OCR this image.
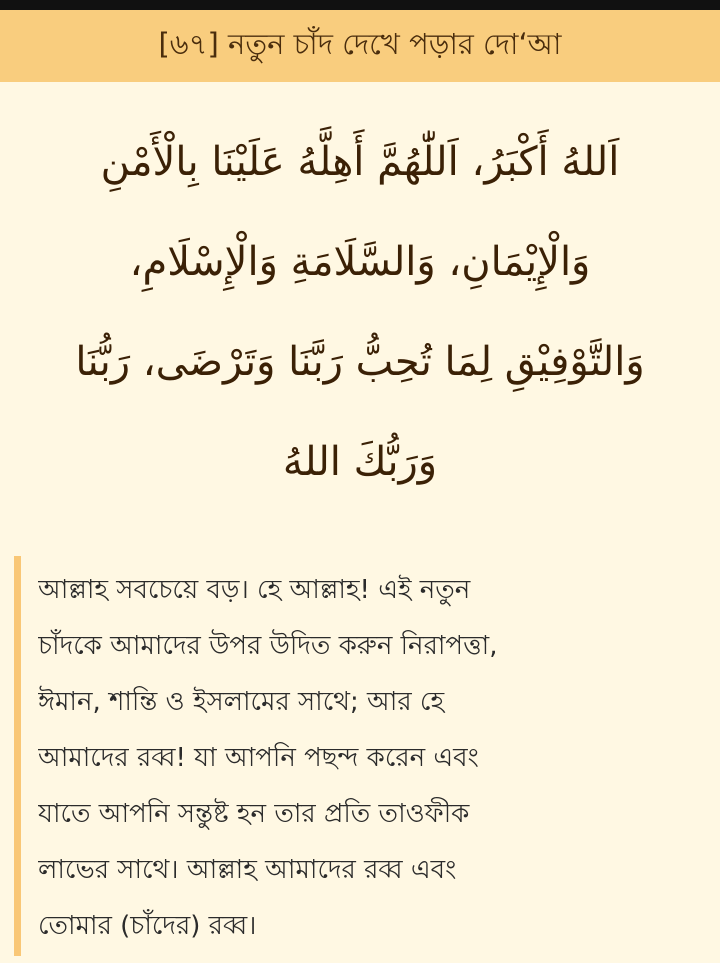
[৬৭] নতুন চাঁদ দেখে পড়ার দো‘আ
اَللهُ أَكْبَرُ، اَللّٰهُمَّ أَهِلَّهُ عَلَيْنَا بِالْأَمْنِ
وَالْإِيْمَانِ، وَالسَّلَامَةِ وَالْإِسْلَامِ،
وَالتَّوْفِيْقِ لِمَا تُحِبُّ رَبَّنَا وَتَرْضَى، رَبُّنَا
وَرَبُّكَ اللهُ
আল্লাহ সবচেয়ে বড়। হে আল্লাহ! এই নতুন
চাঁদকে আমাদের উপর উদিত করুন নিরাপত্তা,
ঈমান, শান্তি ও ইসলামের সাথে; আর হে
আমাদের রব্ব! যা আপনি পছন্দ করেন এবং
যাতে আপনি সন্তুষ্ট হন তার প্রতি তাওফীক
লাভের সাথে। আল্লাহ আমাদের রব্ব এবং
তোমার (চাঁদের) রব্ব।
